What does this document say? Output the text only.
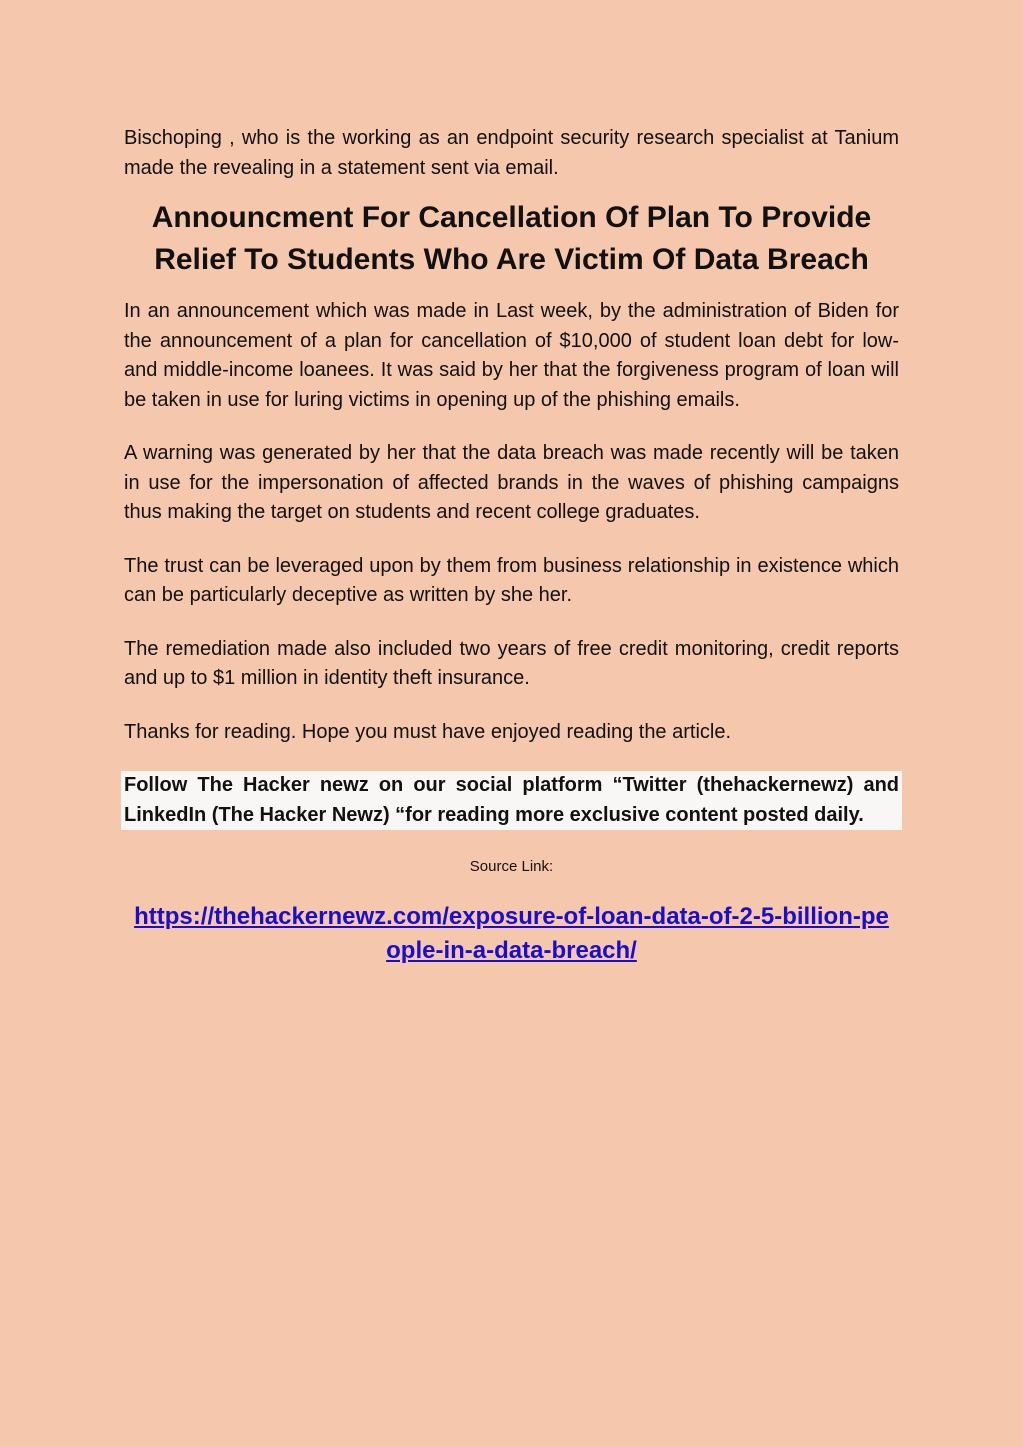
Bischoping , who is the working as an endpoint security research specialist at Tanium made the revealing in a statement sent via email.

Announcment For Cancellation Of Plan To Provide Relief To Students Who Are Victim Of Data Breach

In an announcement which was made in Last week, by the administration of Biden for the announcement of a plan for cancellation of $10,000 of student loan debt for low- and middle-income loanees. It was said by her that the forgiveness program of loan will be taken in use for luring victims in opening up of the phishing emails.

A warning was generated by her that the data breach was made recently will be taken in use for the impersonation of affected brands in the waves of phishing campaigns thus making the target on students and recent college graduates.

The trust can be leveraged upon by them from business relationship in existence which can be particularly deceptive as written by she her.

The remediation made also included two years of free credit monitoring, credit reports and up to $1 million in identity theft insurance.

Thanks for reading. Hope you must have enjoyed reading the article.

Follow The Hacker newz on our social platform “Twitter (thehackernewz) and LinkedIn (The Hacker Newz) “for reading more exclusive content posted daily.

Source Link:
https://thehackernewz.com/exposure-of-loan-data-of-2-5-billion-people-in-a-data-breach/
